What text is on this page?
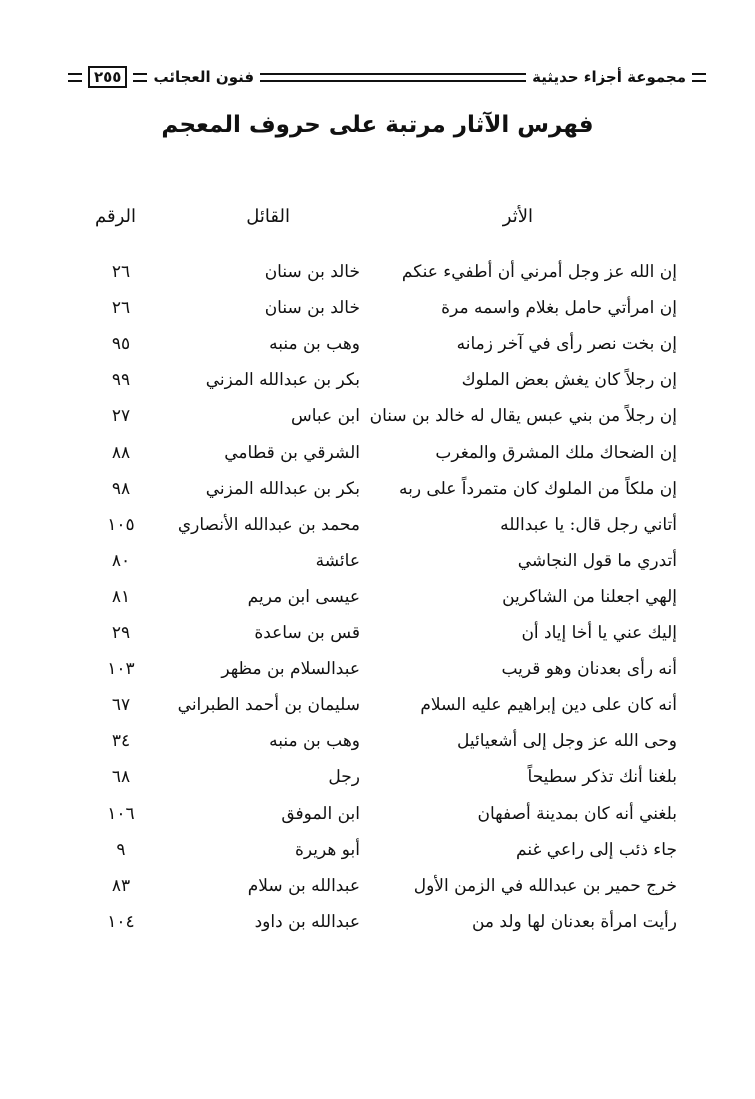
مجموعة أجزاء حديثية
فنون العجائب
٢٥٥
فهرس الآثار مرتبة على حروف المعجم
الأثر
القائل
الرقم
إن الله عز وجل أمرني أن أطفيء عنكم
خالد بن سنان
٢٦
إن امرأتي حامل بغلام واسمه مرة
خالد بن سنان
٢٦
إن بخت نصر رأى في آخر زمانه
وهب بن منبه
٩٥
إن رجلاً كان يغش بعض الملوك
بكر بن عبدالله المزني
٩٩
إن رجلاً من بني عبس يقال له خالد بن سنان
ابن عباس
٢٧
إن الضحاك ملك المشرق والمغرب
الشرقي بن قطامي
٨٨
إن ملكاً من الملوك كان متمرداً على ربه
بكر بن عبدالله المزني
٩٨
أتاني رجل قال: يا عبدالله
محمد بن عبدالله الأنصاري
١٠٥
أتدري ما قول النجاشي
عائشة
٨٠
إلهي اجعلنا من الشاكرين
عيسى ابن مريم
٨١
إليك عني يا أخا إياد أن
قس بن ساعدة
٢٩
أنه رأى بعدنان وهو قريب
عبدالسلام بن مظهر
١٠٣
أنه كان على دين إبراهيم عليه السلام
سليمان بن أحمد الطبراني
٦٧
وحى الله عز وجل إلى أشعيائيل
وهب بن منبه
٣٤
بلغنا أنك تذكر سطيحاً
رجل
٦٨
بلغني أنه كان بمدينة أصفهان
ابن الموفق
١٠٦
جاء ذئب إلى راعي غنم
أبو هريرة
٩
خرج حمير بن عبدالله في الزمن الأول
عبدالله بن سلام
٨٣
رأيت امرأة بعدنان لها ولد من
عبدالله بن داود
١٠٤
